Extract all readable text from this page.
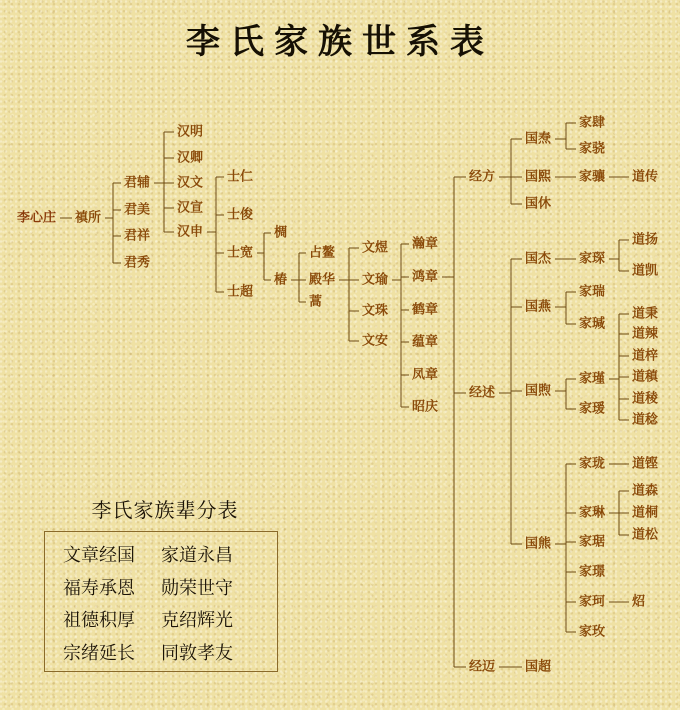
李氏家族世系表
李心庄 禛所
君辅
君美
君祥
君秀
汉明
汉卿
汉文
汉宣
汉申
士仁
士俊
士宽
士超
椆
椿
占鳌
殿华
蒿
文煜
文瑜
文珠
文安
瀚章
鸿章
鹤章
蕴章
凤章
昭庆
经方
经述
经迈
国焘
国熙
国休
家肆
家骁
家骧 道传
国杰
国燕
国煦
国熊
家琛
道扬
道凯
家瑞
家瑊
家瑾
家瑗
道秉
道辣
道梓
道稹
道稜
道稔
家珑
家琳
家琚
家璟
家珂
家玫
道铿
道森
道桐
道松
炤
国超
李氏家族辈分表
文章经国 家道永昌
福寿承恩 勋荣世守
祖德积厚 克绍辉光
宗绪延长 同敦孝友
